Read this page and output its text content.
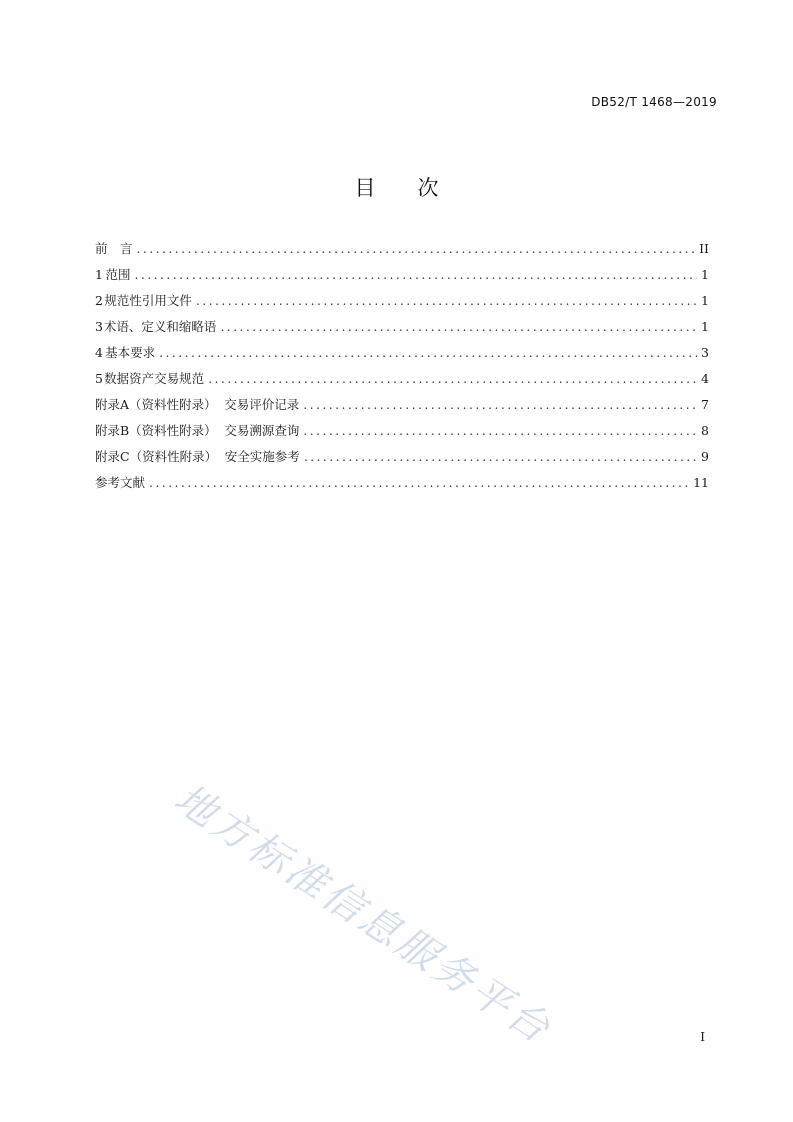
DB52/T 1468—2019
目次
前　言 .....	II
1 范围 .....	1
2 规范性引用文件 .....	1
3 术语、定义和缩略语 .....	1
4 基本要求 .....	3
5 数据资产交易规范 .....	4
附录A（资料性附录） 交易评价记录 .....	7
附录B（资料性附录） 交易溯源查询 .....	8
附录C（资料性附录） 安全实施参考 .....	9
参考文献 .....	11
地方标准信息服务平台	I
